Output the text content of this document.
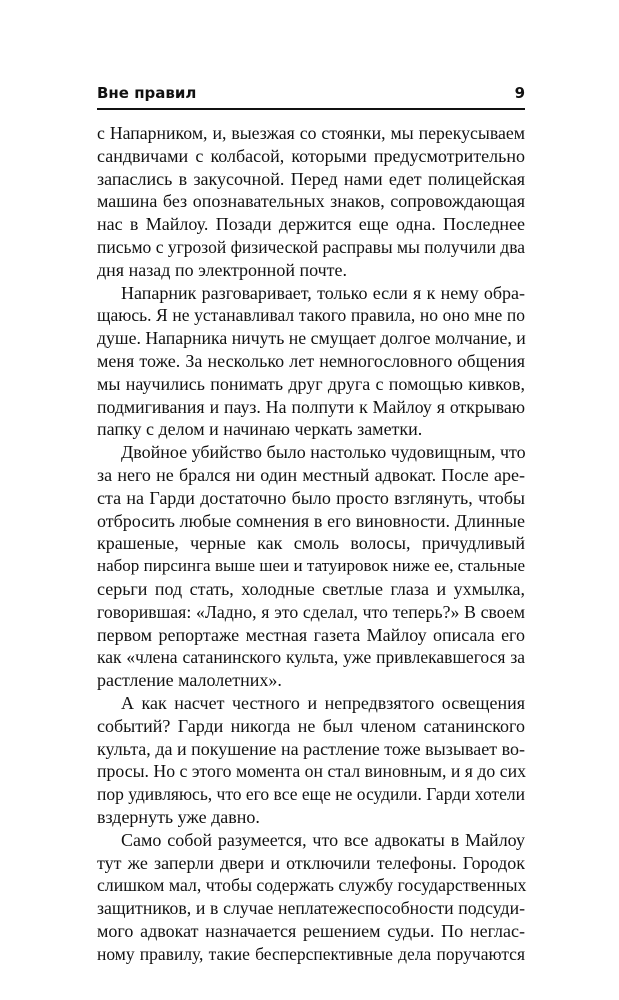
Вне правил	9

с Напарником, и, выезжая со стоянки, мы перекусываем
сандвичами с колбасой, которыми предусмотрительно
запаслись в закусочной. Перед нами едет полицейская
машина без опознавательных знаков, сопровождающая
нас в Майлоу. Позади держится еще одна. Последнее
письмо с угрозой физической расправы мы получили два
дня назад по электронной почте.

Напарник разговаривает, только если я к нему обра-
щаюсь. Я не устанавливал такого правила, но оно мне по
душе. Напарника ничуть не смущает долгое молчание, и
меня тоже. За несколько лет немногословного общения
мы научились понимать друг друга с помощью кивков,
подмигивания и пауз. На полпути к Майлоу я открываю
папку с делом и начинаю черкать заметки.

Двойное убийство было настолько чудовищным, что
за него не брался ни один местный адвокат. После аре-
ста на Гарди достаточно было просто взглянуть, чтобы
отбросить любые сомнения в его виновности. Длинные
крашеные, черные как смоль волосы, причудливый
набор пирсинга выше шеи и татуировок ниже ее, стальные
серьги под стать, холодные светлые глаза и ухмылка,
говорившая: «Ладно, я это сделал, что теперь?» В своем
первом репортаже местная газета Майлоу описала его
как «члена сатанинского культа, уже привлекавшегося за
растление малолетних».

А как насчет честного и непредвзятого освещения
событий? Гарди никогда не был членом сатанинского
культа, да и покушение на растление тоже вызывает во-
просы. Но с этого момента он стал виновным, и я до сих
пор удивляюсь, что его все еще не осудили. Гарди хотели
вздернуть уже давно.

Само собой разумеется, что все адвокаты в Майлоу
тут же заперли двери и отключили телефоны. Городок
слишком мал, чтобы содержать службу государственных
защитников, и в случае неплатежеспособности подсуди-
мого адвокат назначается решением судьи. По неглас-
ному правилу, такие бесперспективные дела поручаются
